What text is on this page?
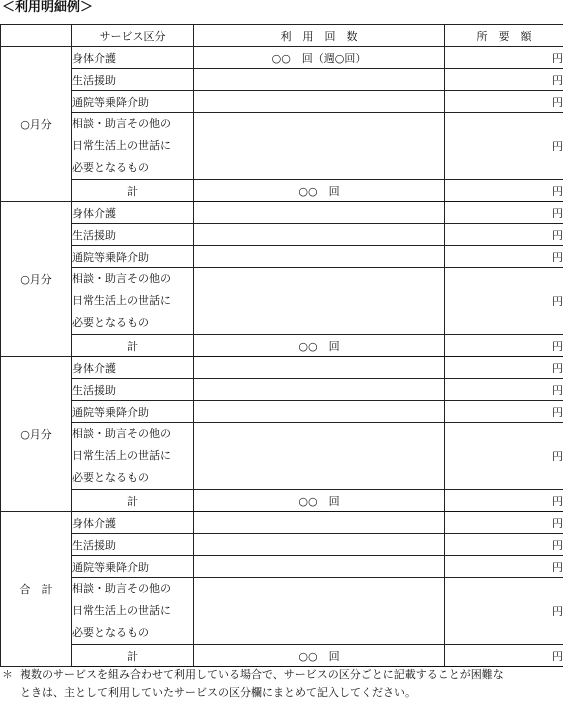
＜利用明細例＞
	サービス区分	利　用　回　数	所　要　額
○月分	身体介護	○○　回（週○回）	円
	生活援助		円
	通院等乗降介助		円

	相談・助言その他の
日常生活上の世話に
必要となるもの		円
	計	○○　回	円
○月分	身体介護		円
	生活援助		円
	通院等乗降介助		円

	相談・助言その他の
日常生活上の世話に
必要となるもの		円
	計	○○　回	円
○月分	身体介護		円
	生活援助		円
	通院等乗降介助		円

	相談・助言その他の
日常生活上の世話に
必要となるもの		円
	計	○○　回	円
合　計	身体介護		円
	生活援助		円
	通院等乗降介助		円

	相談・助言その他の
日常生活上の世話に
必要となるもの		円
	計	○○　回	円
＊ 複数のサービスを組み合わせて利用している場合で、サービスの区分ごとに記載することが困難な
ときは、主として利用していたサービスの区分欄にまとめて記入してください。
